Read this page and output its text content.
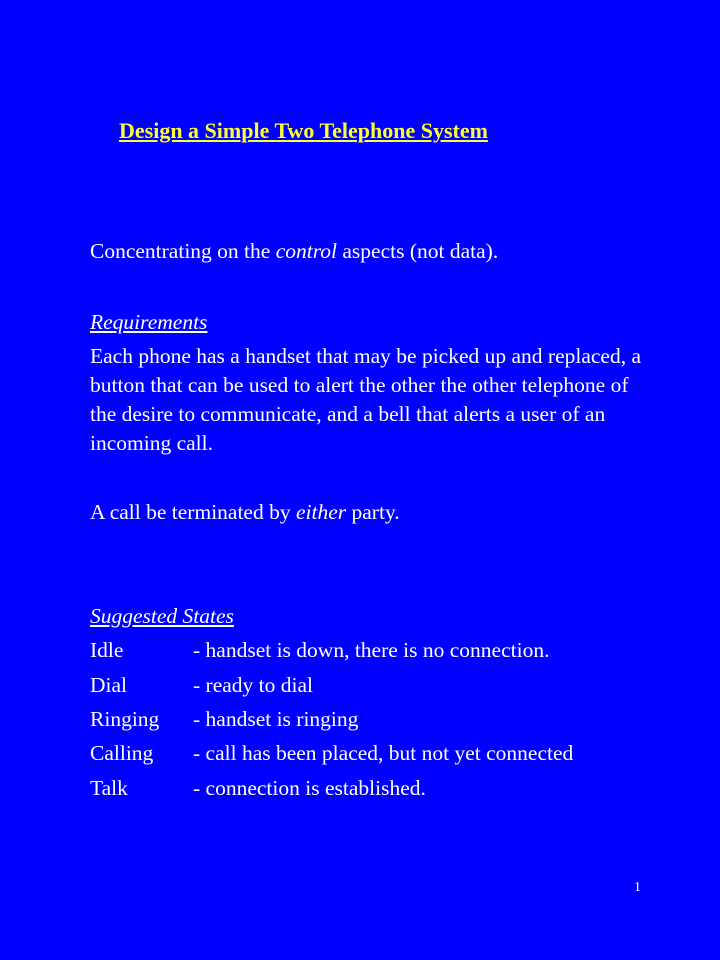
Design a Simple Two Telephone System
Concentrating on the control aspects (not data).
Requirements
Each phone has a handset that may be picked up and replaced, a button that can be used to alert the other the other telephone of the desire to communicate, and a bell that alerts a user of an incoming call.
A call be terminated by either party.
Suggested States
Idle	- handset is down, there is no connection.
Dial	- ready to dial
Ringing - handset is ringing
Calling - call has been placed, but not yet connected
Talk	- connection is established.
1
